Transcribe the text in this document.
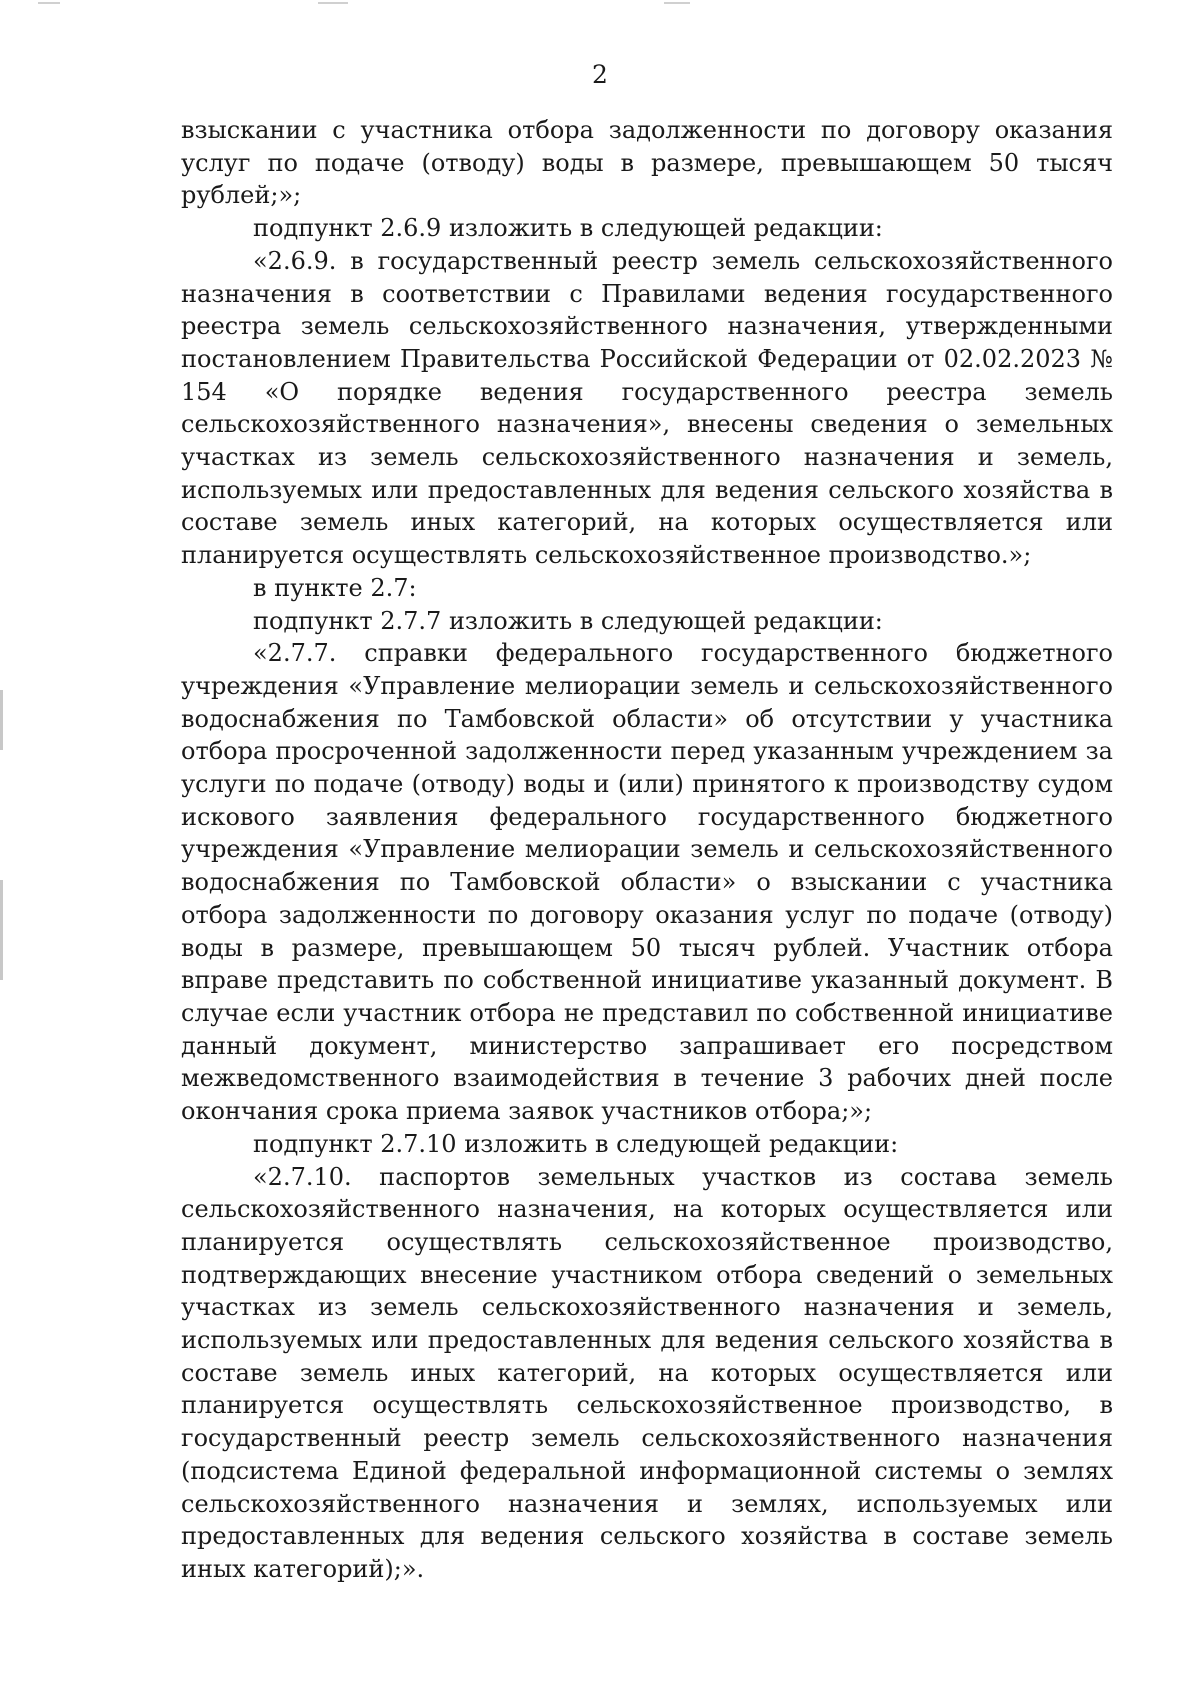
2

взыскании с участника отбора задолженности по договору оказания услуг по подаче (отводу) воды в размере, превышающем 50 тысяч рублей;»;

подпункт 2.6.9 изложить в следующей редакции:

«2.6.9. в государственный реестр земель сельскохозяйственного назначения в соответствии с Правилами ведения государственного реестра земель сельскохозяйственного назначения, утвержденными постановлением Правительства Российской Федерации от 02.02.2023 № 154 «О порядке ведения государственного реестра земель сельскохозяйственного назначения», внесены сведения о земельных участках из земель сельскохозяйственного назначения и земель, используемых или предоставленных для ведения сельского хозяйства в составе земель иных категорий, на которых осуществляется или планируется осуществлять сельскохозяйственное производство.»;

в пункте 2.7:

подпункт 2.7.7 изложить в следующей редакции:

«2.7.7. справки федерального государственного бюджетного учреждения «Управление мелиорации земель и сельскохозяйственного водоснабжения по Тамбовской области» об отсутствии у участника отбора просроченной задолженности перед указанным учреждением за услуги по подаче (отводу) воды и (или) принятого к производству судом искового заявления федерального государственного бюджетного учреждения «Управление мелиорации земель и сельскохозяйственного водоснабжения по Тамбовской области» о взыскании с участника отбора задолженности по договору оказания услуг по подаче (отводу) воды в размере, превышающем 50 тысяч рублей. Участник отбора вправе представить по собственной инициативе указанный документ. В случае если участник отбора не представил по собственной инициативе данный документ, министерство запрашивает его посредством межведомственного взаимодействия в течение 3 рабочих дней после окончания срока приема заявок участников отбора;»;

подпункт 2.7.10 изложить в следующей редакции:

«2.7.10. паспортов земельных участков из состава земель сельскохозяйственного назначения, на которых осуществляется или планируется осуществлять сельскохозяйственное производство, подтверждающих внесение участником отбора сведений о земельных участках из земель сельскохозяйственного назначения и земель, используемых или предоставленных для ведения сельского хозяйства в составе земель иных категорий, на которых осуществляется или планируется осуществлять сельскохозяйственное производство, в государственный реестр земель сельскохозяйственного назначения (подсистема Единой федеральной информационной системы о землях сельскохозяйственного назначения и землях, используемых или предоставленных для ведения сельского хозяйства в составе земель иных категорий);».
